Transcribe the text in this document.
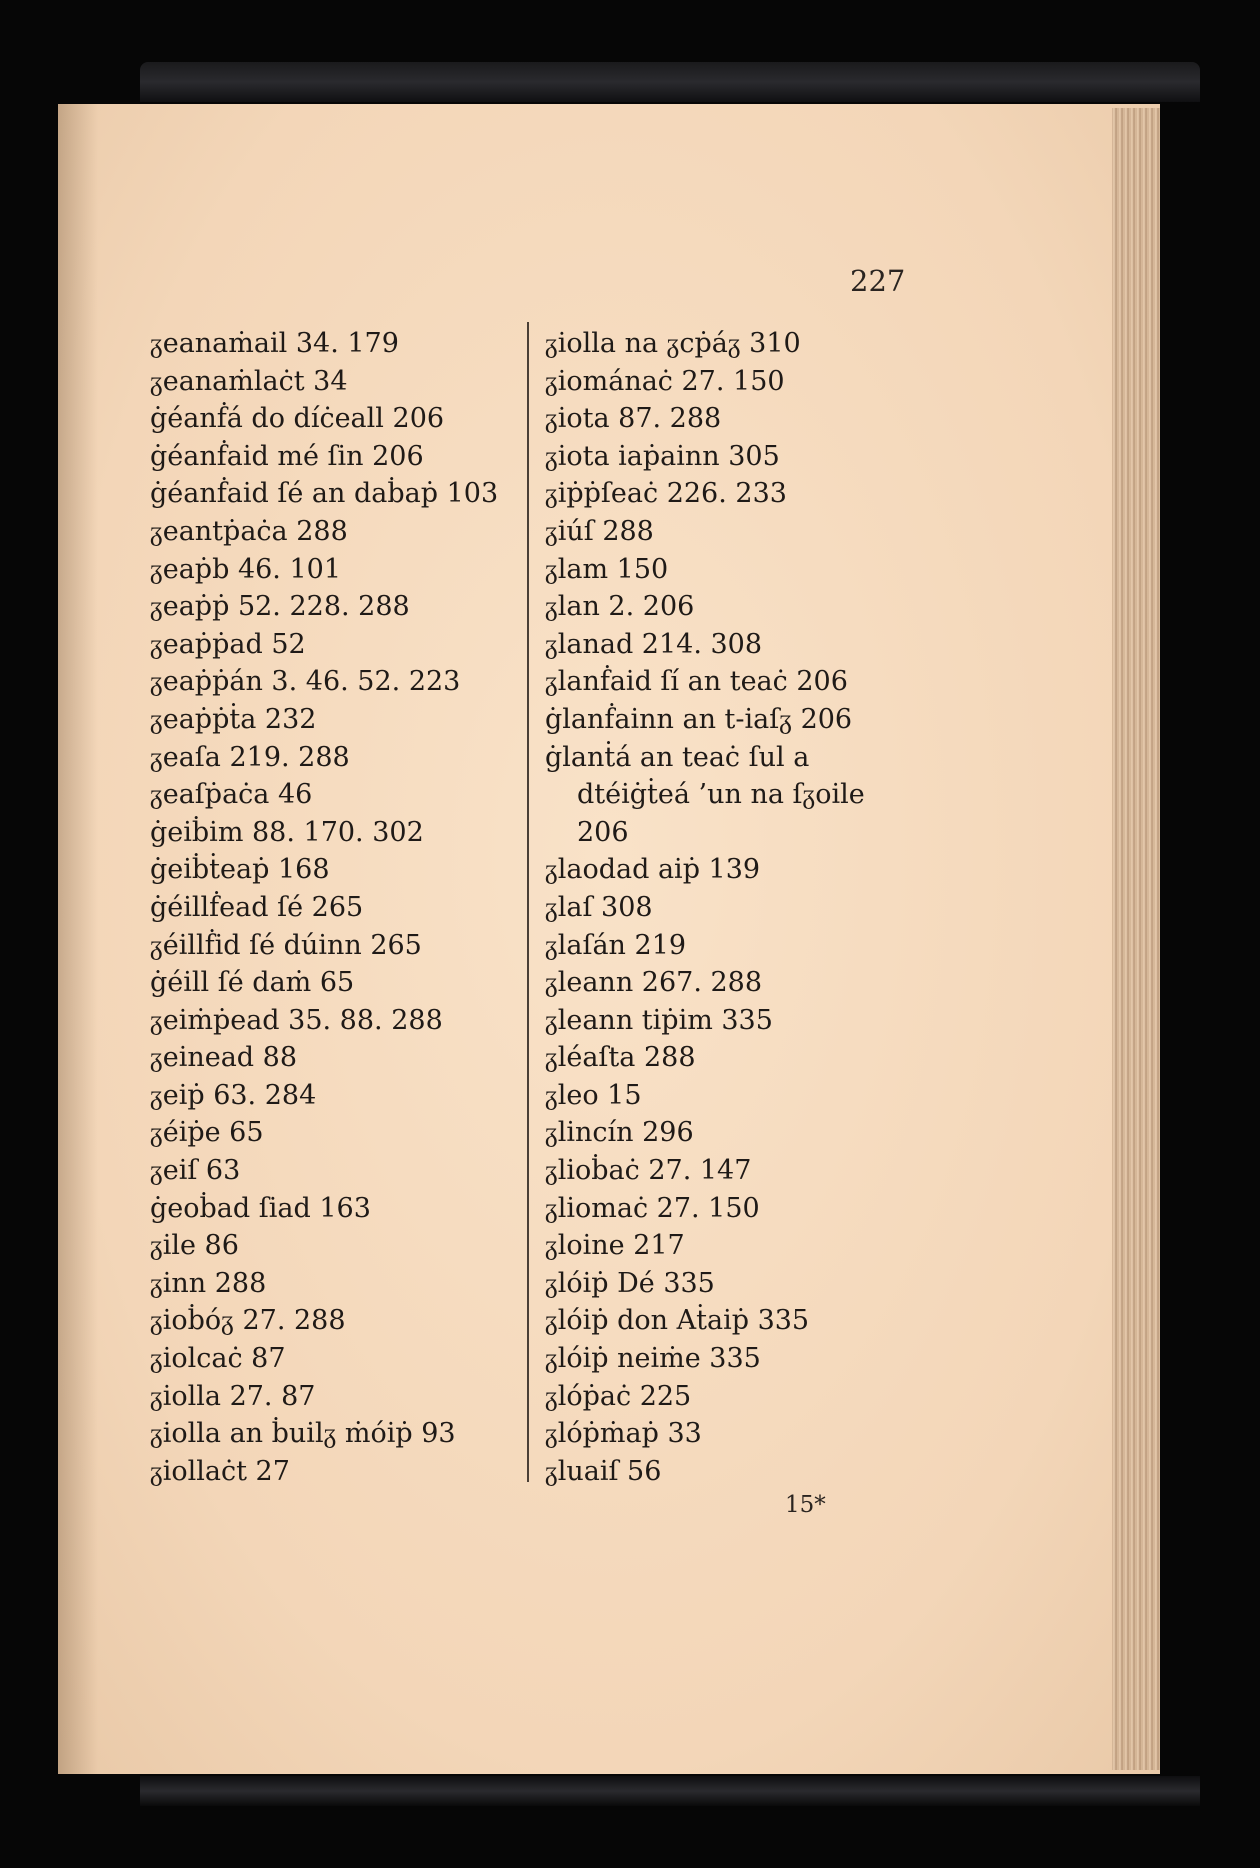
227
ᵹeanaṁail 34. 179
ᵹeanaṁlaċt 34
ġéanḟá do díċeall 206
ġéanḟaid mé ſin 206
ġéanḟaid ſé an daḃaṗ 103
ᵹeantṗaċa 288
ᵹeaṗb 46. 101
ᵹeaṗṗ 52. 228. 288
ᵹeaṗṗad 52
ᵹeaṗṗán 3. 46. 52. 223
ᵹeaṗṗṫa 232
ᵹeaſa 219. 288
ᵹeaſṗaċa 46
ġeiḃim 88. 170. 302
ġeiḃṫeaṗ 168
ġéillḟead ſé 265
ᵹéillḟid ſé dúinn 265
ġéill ſé daṁ 65
ᵹeiṁṗead 35. 88. 288
ᵹeinead 88
ᵹeiṗ 63. 284
ᵹéiṗe 65
ᵹeiſ 63
ġeoḃad ſiad 163
ᵹile 86
ᵹinn 288
ᵹioḃóᵹ 27. 288
ᵹiolcaċ 87
ᵹiolla 27. 87
ᵹiolla an ḃuilᵹ ṁóiṗ 93
ᵹiollaċt 27
ᵹiolla na ᵹcṗáᵹ 310
ᵹiománaċ 27. 150
ᵹiota 87. 288
ᵹiota iaṗainn 305
ᵹiṗṗſeaċ 226. 233
ᵹiúſ 288
ᵹlam 150
ᵹlan 2. 206
ᵹlanad 214. 308
ᵹlanḟaid ſí an teaċ 206
ġlanḟainn an t-iaſᵹ 206
ġlanṫá an teaċ ſul a
dtéiġṫeá ’un na ſᵹoile
206
ᵹlaodad aiṗ 139
ᵹlaſ 308
ᵹlaſán 219
ᵹleann 267. 288
ᵹleann tiṗim 335
ᵹléaſta 288
ᵹleo 15
ᵹlincín 296
ᵹlioḃaċ 27. 147
ᵹliomaċ 27. 150
ᵹloine 217
ᵹlóiṗ Dé 335
ᵹlóiṗ don Aṫaiṗ 335
ᵹlóiṗ neiṁe 335
ᵹlóṗaċ 225
ᵹlóṗṁaṗ 33
ᵹluaiſ 56
15*
